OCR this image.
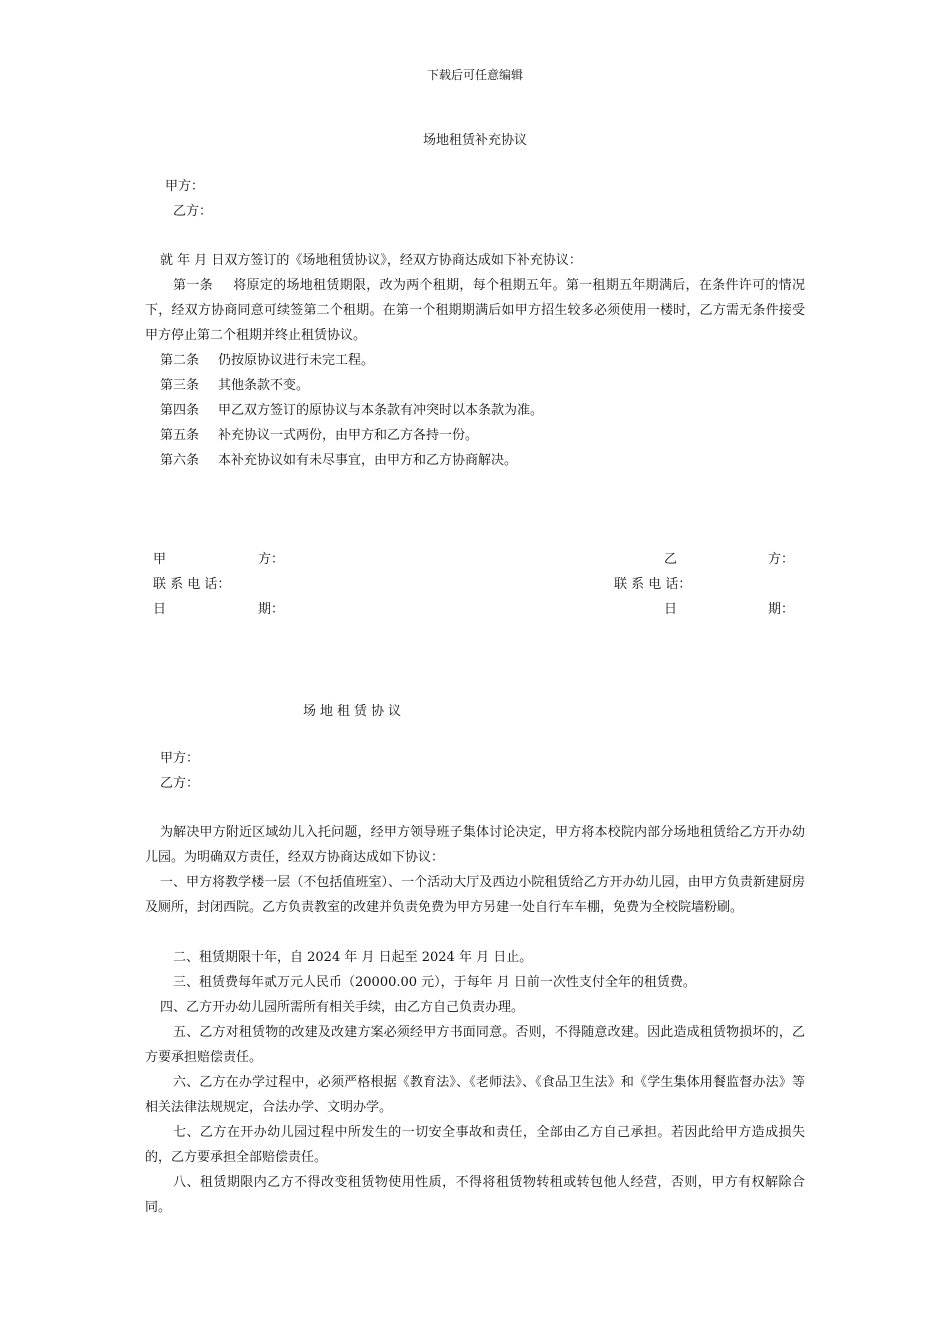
下载后可任意编辑
场地租赁补充协议
甲方：
乙方：
就 年 月 日双方签订的《场地租赁协议》，经双方协商达成如下补充协议：
第一条 将原定的场地租赁期限，改为两个租期，每个租期五年。第一租期五年期满后，在条件许可的情况下，经双方协商同意可续签第二个租期。在第一个租期期满后如甲方招生较多必须使用一楼时，乙方需无条件接受甲方停止第二个租期并终止租赁协议。
第二条 仍按原协议进行未完工程。
第三条 其他条款不变。
第四条 甲乙双方签订的原协议与本条款有冲突时以本条款为准。
第五条 补充协议一式两份，由甲方和乙方各持一份。
第六条 本补充协议如有未尽事宜，由甲方和乙方协商解决。
甲	方：	乙	方：
联 系 电 话：	联 系 电 话：
日	期：	日	期：
场地租赁协议
甲方：
乙方：
为解决甲方附近区域幼儿入托问题，经甲方领导班子集体讨论决定，甲方将本校院内部分场地租赁给乙方开办幼儿园。为明确双方责任，经双方协商达成如下协议：
一、甲方将教学楼一层（不包括值班室）、一个活动大厅及西边小院租赁给乙方开办幼儿园，由甲方负责新建厨房及厕所，封闭西院。乙方负责教室的改建并负责免费为甲方另建一处自行车车棚，免费为全校院墙粉刷。
二、租赁期限十年，自 2024 年 月 日起至 2024 年 月 日止。
三、租赁费每年贰万元人民币（20000.00 元），于每年 月 日前一次性支付全年的租赁费。
四、乙方开办幼儿园所需所有相关手续，由乙方自己负责办理。
五、乙方对租赁物的改建及改建方案必须经甲方书面同意。否则，不得随意改建。因此造成租赁物损坏的，乙方要承担赔偿责任。
六、乙方在办学过程中，必须严格根据《教育法》、《老师法》、《食品卫生法》和《学生集体用餐监督办法》等相关法律法规规定，合法办学、文明办学。
七、乙方在开办幼儿园过程中所发生的一切安全事故和责任，全部由乙方自己承担。若因此给甲方造成损失的，乙方要承担全部赔偿责任。
八、租赁期限内乙方不得改变租赁物使用性质，不得将租赁物转租或转包他人经营，否则，甲方有权解除合同。
